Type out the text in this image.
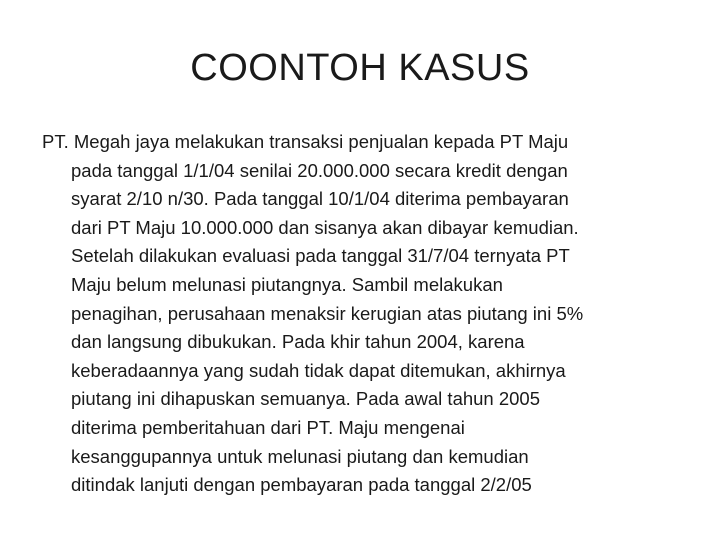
COONTOH KASUS

PT. Megah jaya melakukan transaksi penjualan kepada PT Maju
pada tanggal 1/1/04 senilai 20.000.000 secara kredit dengan
syarat 2/10 n/30. Pada tanggal 10/1/04 diterima pembayaran
dari PT Maju 10.000.000 dan sisanya akan dibayar kemudian.
Setelah dilakukan evaluasi pada tanggal 31/7/04 ternyata PT
Maju belum melunasi piutangnya. Sambil melakukan
penagihan, perusahaan menaksir kerugian atas piutang ini 5%
dan langsung dibukukan. Pada khir tahun 2004, karena
keberadaannya yang sudah tidak dapat ditemukan, akhirnya
piutang ini dihapuskan semuanya. Pada awal tahun 2005
diterima pemberitahuan dari PT. Maju mengenai
kesanggupannya untuk melunasi piutang dan kemudian
ditindak lanjuti dengan pembayaran pada tanggal 2/2/05
